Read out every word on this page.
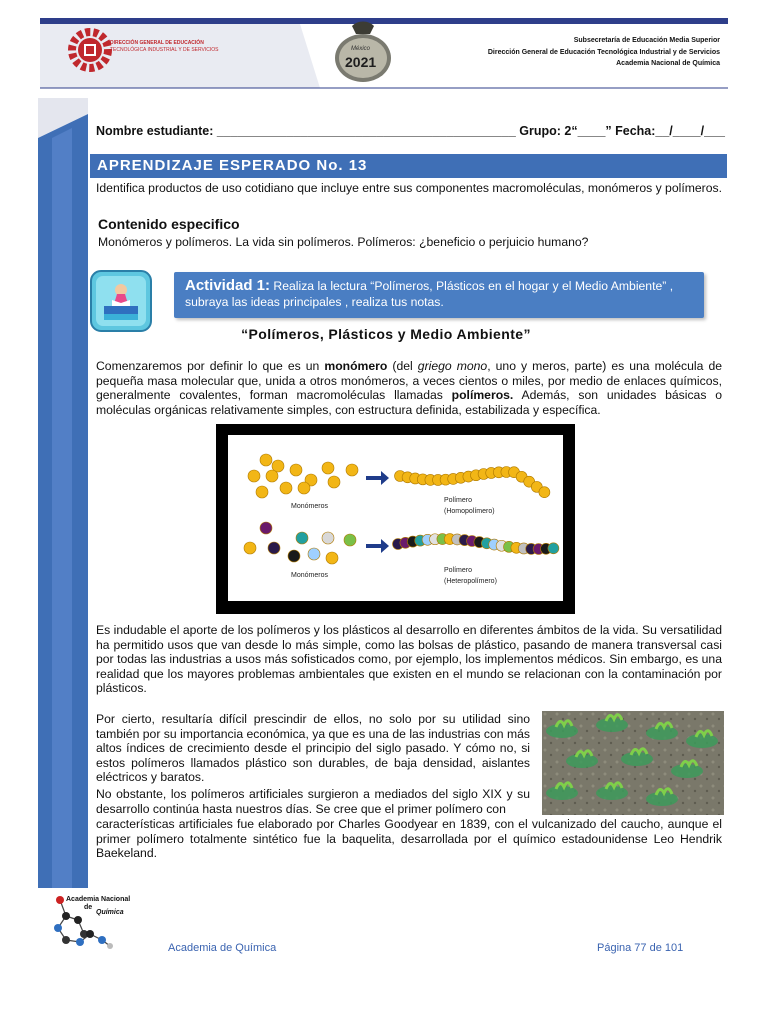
DIRECCIÓN GENERAL DE EDUCACIÓN
TECNOLÓGICA INDUSTRIAL Y DE SERVICIOS	México
2021
Subsecretaría de Educación Media Superior
Dirección General de Educación Tecnológica Industrial y de Servicios
Academia Nacional de Química
Nombre estudiante: ___________________________________________ Grupo: 2“____” Fecha:__/____/___
APRENDIZAJE ESPERADO No. 13
Identifica productos de uso cotidiano que incluye entre sus componentes macromoléculas, monómeros y polímeros.
Contenido especifico
Monómeros y polímeros. La vida sin polímeros. Polímeros: ¿beneficio o perjuicio humano?
Actividad 1: Realiza la lectura “Polímeros, Plásticos en el hogar y el Medio Ambiente” , subraya las ideas principales , realiza tus notas.
“Polímeros, Plásticos y Medio Ambiente”
Comenzaremos por definir lo que es un monómero (del griego mono, uno y meros, parte) es una molécula de pequeña masa molecular que, unida a otros monómeros, a veces cientos o miles, por medio de enlaces químicos, generalmente covalentes, forman macromoléculas llamadas polímeros. Además, son unidades básicas o moléculas orgánicas relativamente simples, con estructura definida, estabilizada y específica.
Monómeros
Polímero
(Homopolímero)
Monómeros
Polímero
(Heteropolímero)
Es indudable el aporte de los polímeros y los plásticos al desarrollo en diferentes ámbitos de la vida. Su versatilidad ha permitido usos que van desde lo más simple, como las bolsas de plástico, pasando de manera transversal casi por todas las industrias a usos más sofisticados como, por ejemplo, los implementos médicos. Sin embargo, es una realidad que los mayores problemas ambientales que existen en el mundo se relacionan con la contaminación por plásticos.
Por cierto, resultaría difícil prescindir de ellos, no solo por su utilidad sino también por su importancia económica, ya que es una de las industrias con más altos índices de crecimiento desde el principio del siglo pasado. Y cómo no, si estos polímeros llamados plástico son durables, de baja densidad, aislantes eléctricos y baratos.
No obstante, los polímeros artificiales surgieron a mediados del siglo XIX y su desarrollo continúa hasta nuestros días. Se cree que el primer polímero con
características artificiales fue elaborado por Charles Goodyear en 1839, con el vulcanizado del caucho, aunque el primer polímero totalmente sintético fue la baquelita, desarrollada por el químico estadounidense Leo Hendrik Baekeland.
Academia Nacional
de
Química
Academia de Química	Página 77 de 101
